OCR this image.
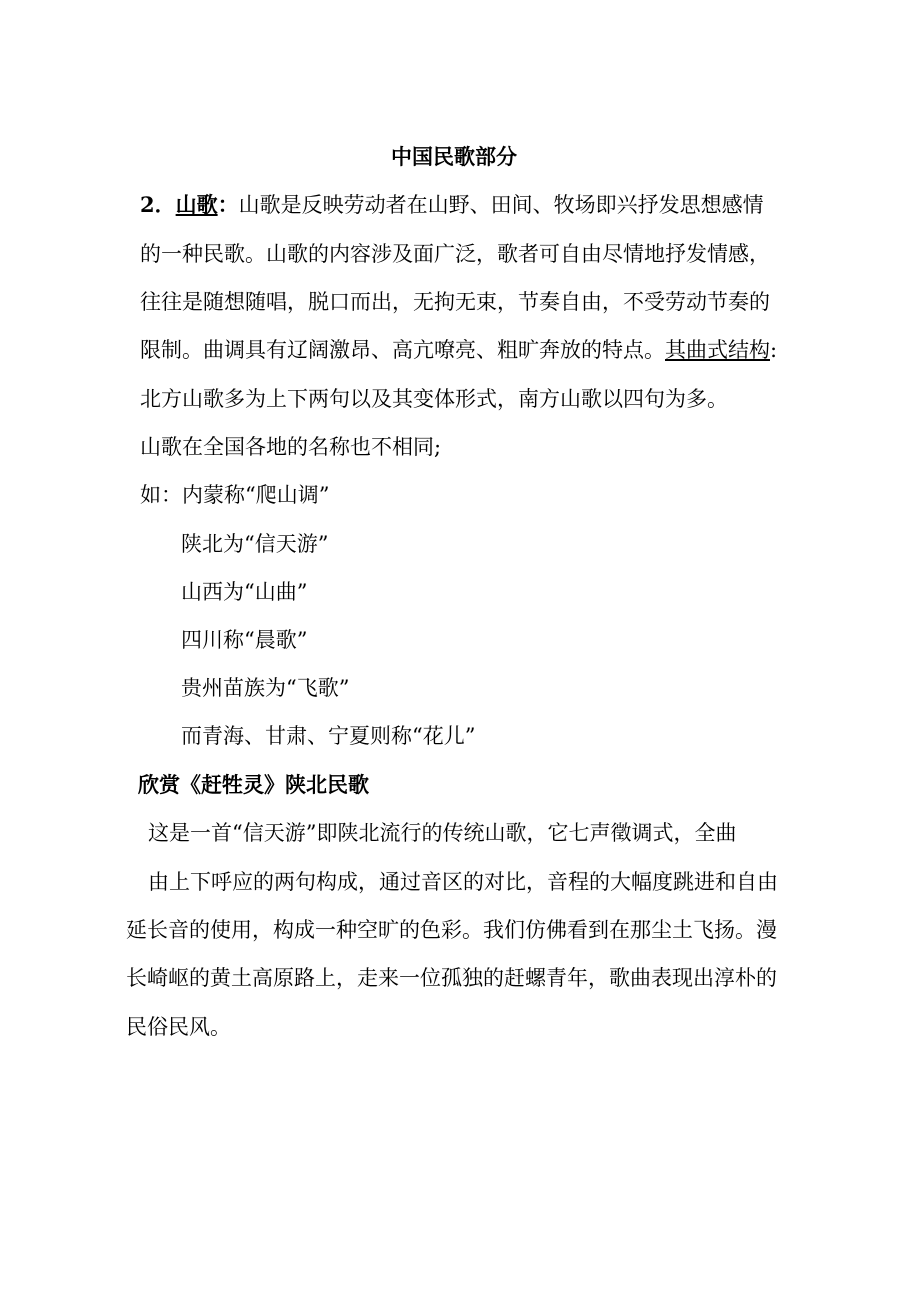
中国民歌部分
2．山歌：山歌是反映劳动者在山野、田间、牧场即兴抒发思想感情
的一种民歌。山歌的内容涉及面广泛，歌者可自由尽情地抒发情感，
往往是随想随唱，脱口而出，无拘无束，节奏自由，不受劳动节奏的
限制。曲调具有辽阔激昂、高亢嘹亮、粗旷奔放的特点。其曲式结构:
北方山歌多为上下两句以及其变体形式，南方山歌以四句为多。
山歌在全国各地的名称也不相同;
如：内蒙称“爬山调”
陕北为“信天游”
山西为“山曲”
四川称“晨歌”
贵州苗族为“飞歌”
而青海、甘肃、宁夏则称“花儿”
欣赏《赶牲灵》陕北民歌
这是一首“信天游”即陕北流行的传统山歌，它七声徵调式，全曲
由上下呼应的两句构成，通过音区的对比，音程的大幅度跳进和自由
延长音的使用，构成一种空旷的色彩。我们仿佛看到在那尘土飞扬。漫
长崎岖的黄土高原路上，走来一位孤独的赶螺青年，歌曲表现出淳朴的
民俗民风。
